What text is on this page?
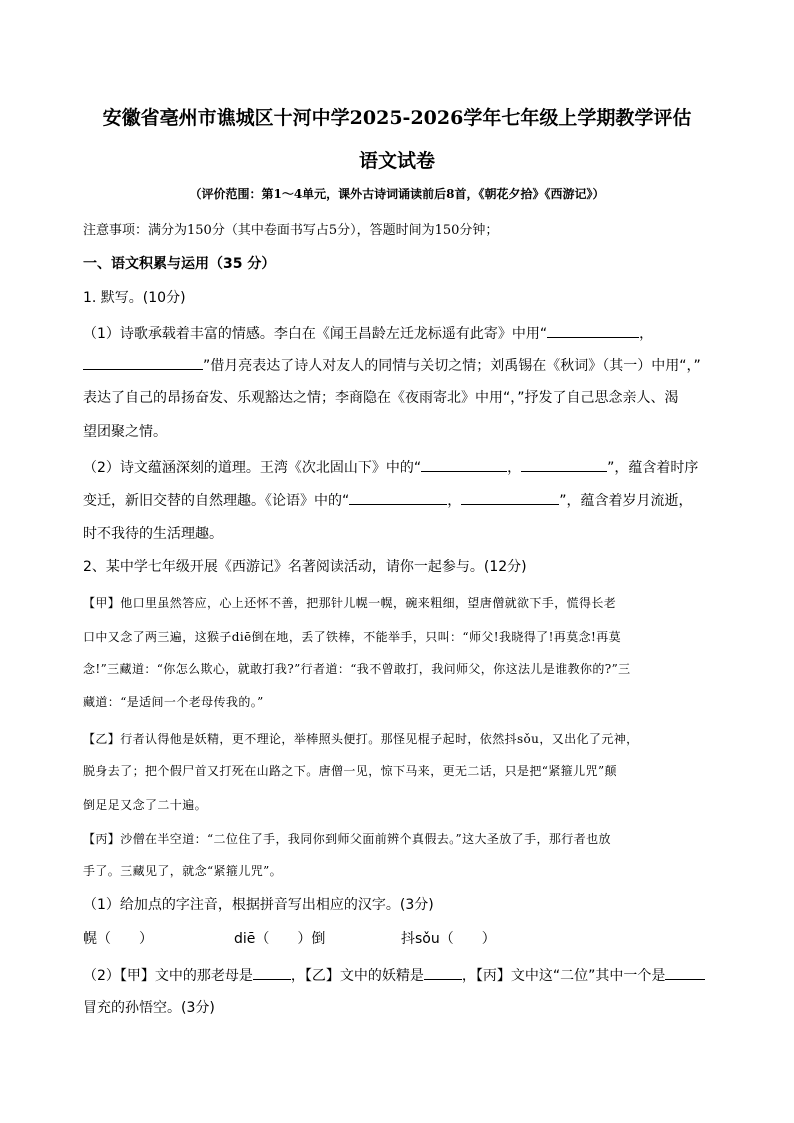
安徽省亳州市谯城区十河中学2025-2026学年七年级上学期教学评估
语文试卷
（评价范围：第1～4单元，课外古诗词诵读前后8首，《朝花夕拾》《西游记》）
注意事项：满分为150分（其中卷面书写占5分），答题时间为150分钟；
一、语文积累与运用（35 分）
1. 默写。(10分)
（1）诗歌承载着丰富的情感。李白在《闻王昌龄左迁龙标遥有此寄》中用“	，
”借月亮表达了诗人对友人的同情与关切之情；刘禹锡在《秋词》（其一）中用“，”
表达了自己的昂扬奋发、乐观豁达之情；李商隐在《夜雨寄北》中用“，”抒发了自己思念亲人、渴
望团聚之情。
（2）诗文蕴涵深刻的道理。王湾《次北固山下》中的“	，	”，蕴含着时序
变迁，新旧交替的自然理趣。《论语》中的“	，	”，蕴含着岁月流逝，
时不我待的生活理趣。
2、某中学七年级开展《西游记》名著阅读活动，请你一起参与。(12分)
【甲】他口里虽然答应，心上还怀不善，把那针儿幌一幌，碗来粗细，望唐僧就欲下手，慌得长老
口中又念了两三遍，这猴子diē倒在地，丢了铁棒，不能举手，只叫：“师父!我晓得了!再莫念!再莫
念!”三藏道：“你怎么欺心，就敢打我?”行者道：“我不曾敢打，我问师父，你这法儿是谁教你的?”三
藏道：“是适间一个老母传我的。”
【乙】行者认得他是妖精，更不理论，举棒照头便打。那怪见棍子起时，依然抖sǒu，又出化了元神，
脱身去了；把个假尸首又打死在山路之下。唐僧一见，惊下马来，更无二话，只是把“紧箍儿咒”颠
倒足足又念了二十遍。
【丙】沙僧在半空道：“二位住了手，我同你到师父面前辨个真假去。”这大圣放了手，那行者也放
手了。三藏见了，就念“紧箍儿咒”。
（1）给加点的字注音，根据拼音写出相应的汉字。(3分)
幌（　　）	diē（　　）倒	抖sǒu（　　）
（2）【甲】文中的那老母是	，【乙】文中的妖精是	，【丙】文中这“二位”其中一个是
冒充的孙悟空。(3分)
